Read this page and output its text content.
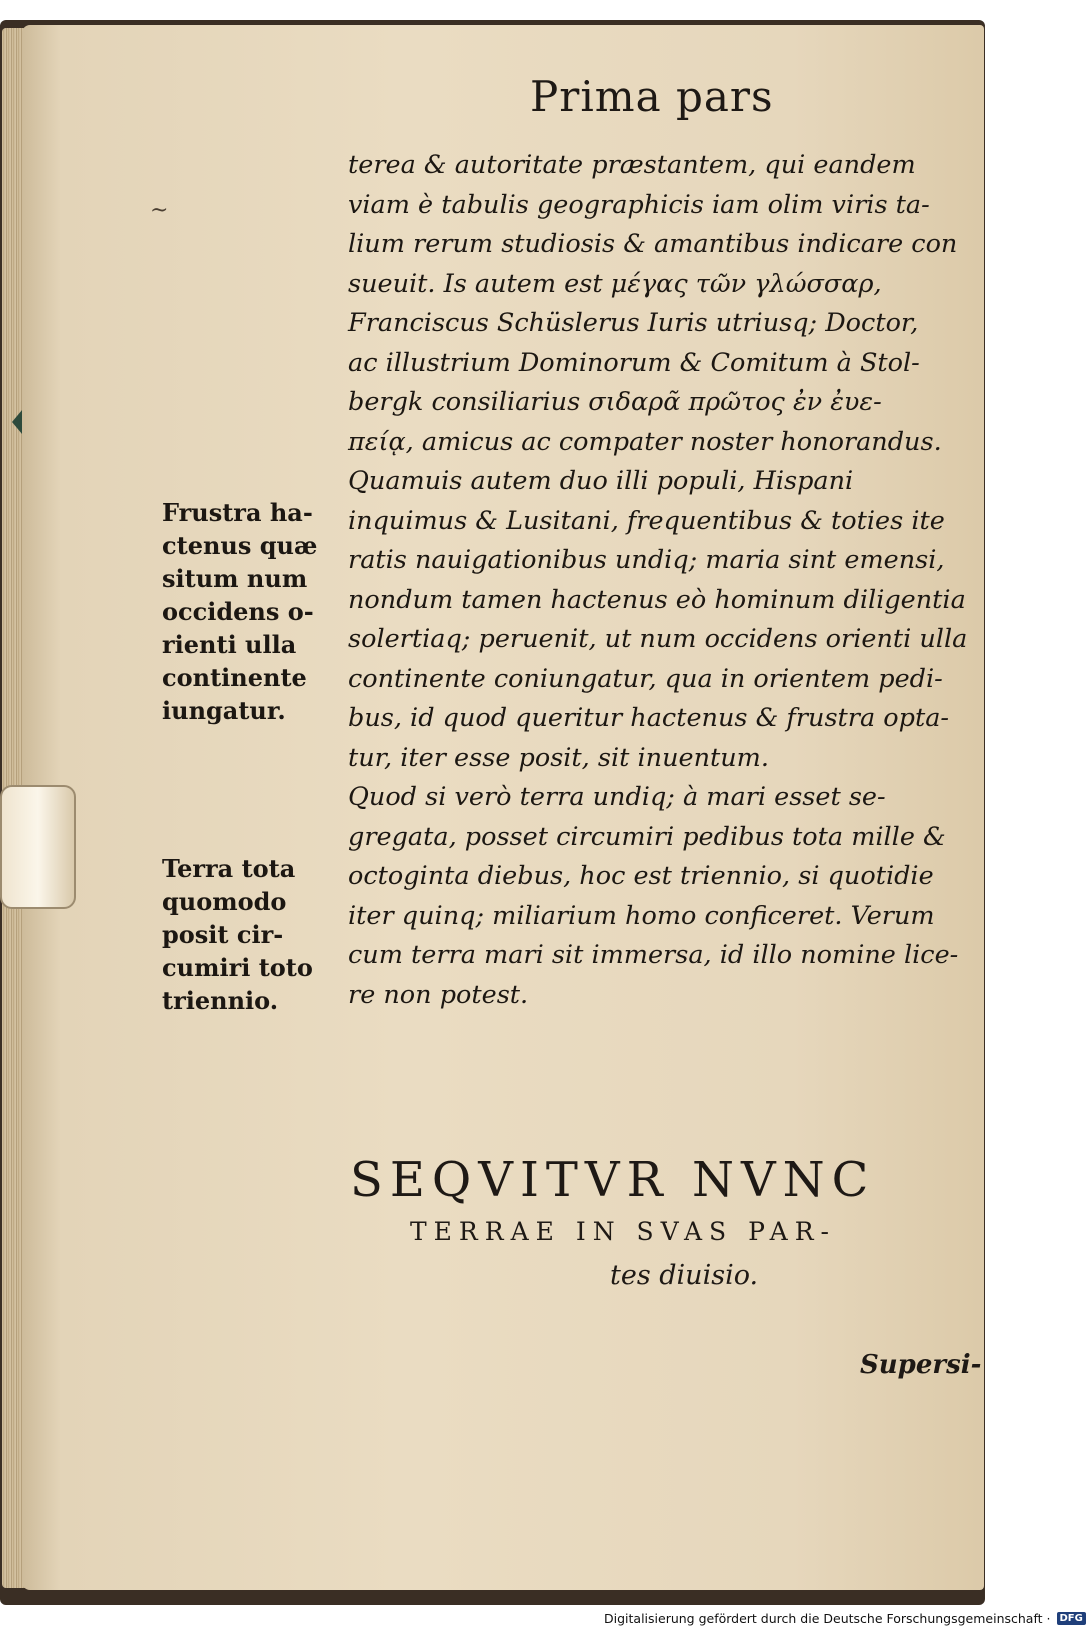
~
Prima pars
terea & autoritate præstantem, qui eandem
viam è tabulis geographicis iam olim viris ta-
lium rerum studiosis & amantibus indicare con
sueuit. Is autem est μέγας τῶν γλώσσαρ,
Franciscus Schüslerus Iuris utriusq; Doctor,
ac illustrium Dominorum & Comitum à Stol-
bergk consiliarius σιδαρᾶ πρῶτος ἐν ἐυε-
πείᾳ, amicus ac compater noster honorandus.
Quamuis autem duo illi populi, Hispani
inquimus & Lusitani, frequentibus & toties ite
ratis nauigationibus undiq; maria sint emensi,
nondum tamen hactenus eò hominum diligentia
solertiaq; peruenit, ut num occidens orienti ulla
continente coniungatur, qua in orientem pedi-
bus, id quod queritur hactenus & frustra opta-
tur, iter esse posit, sit inuentum.
Quod si verò terra undiq; à mari esset se-
gregata, posset circumiri pedibus tota mille &
octoginta diebus, hoc est triennio, si quotidie
iter quinq; miliarium homo conficeret. Verum
cum terra mari sit immersa, id illo nomine lice-
re non potest.
Frustra ha-
ctenus quæ
situm num
occidens o-
rienti ulla
continente
iungatur.
Terra tota
quomodo
posit cir-
cumiri toto
triennio.
SEQVITVR NVNC
TERRAE IN SVAS PAR-
tes diuisio.
Supersi-
Digitalisierung gefördert durch die Deutsche Forschungsgemeinschaft · DFG
